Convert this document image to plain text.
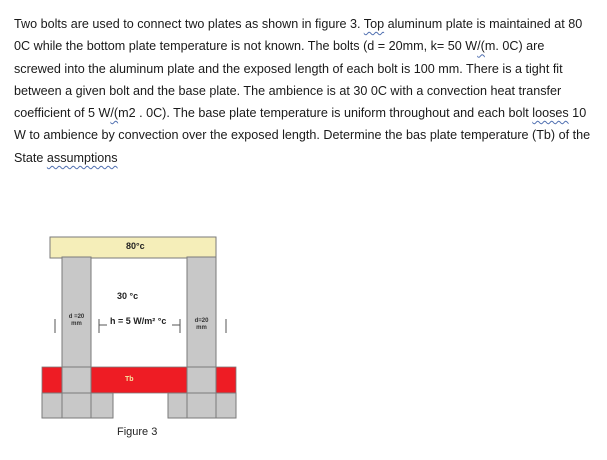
Two bolts are used to connect two plates as shown in figure 3. Top aluminum plate is maintained at 80 0C while the bottom plate temperature is not known. The bolts (d = 20mm, k= 50 W/(m. 0C) are screwed into the aluminum plate and the exposed length of each bolt is 100 mm. There is a tight fit between a given bolt and the base plate. The ambience is at 30 0C with a convection heat transfer coefficient of 5 W/(m2 . 0C). The base plate temperature is uniform throughout and each bolt looses 10 W to ambience by convection over the exposed length. Determine the bas plate temperature (Tb) of the State assumptions

80°c
30 °c
h = 5 W/m² °c
Tb
d =20
mm	d=20
mm
Figure 3
